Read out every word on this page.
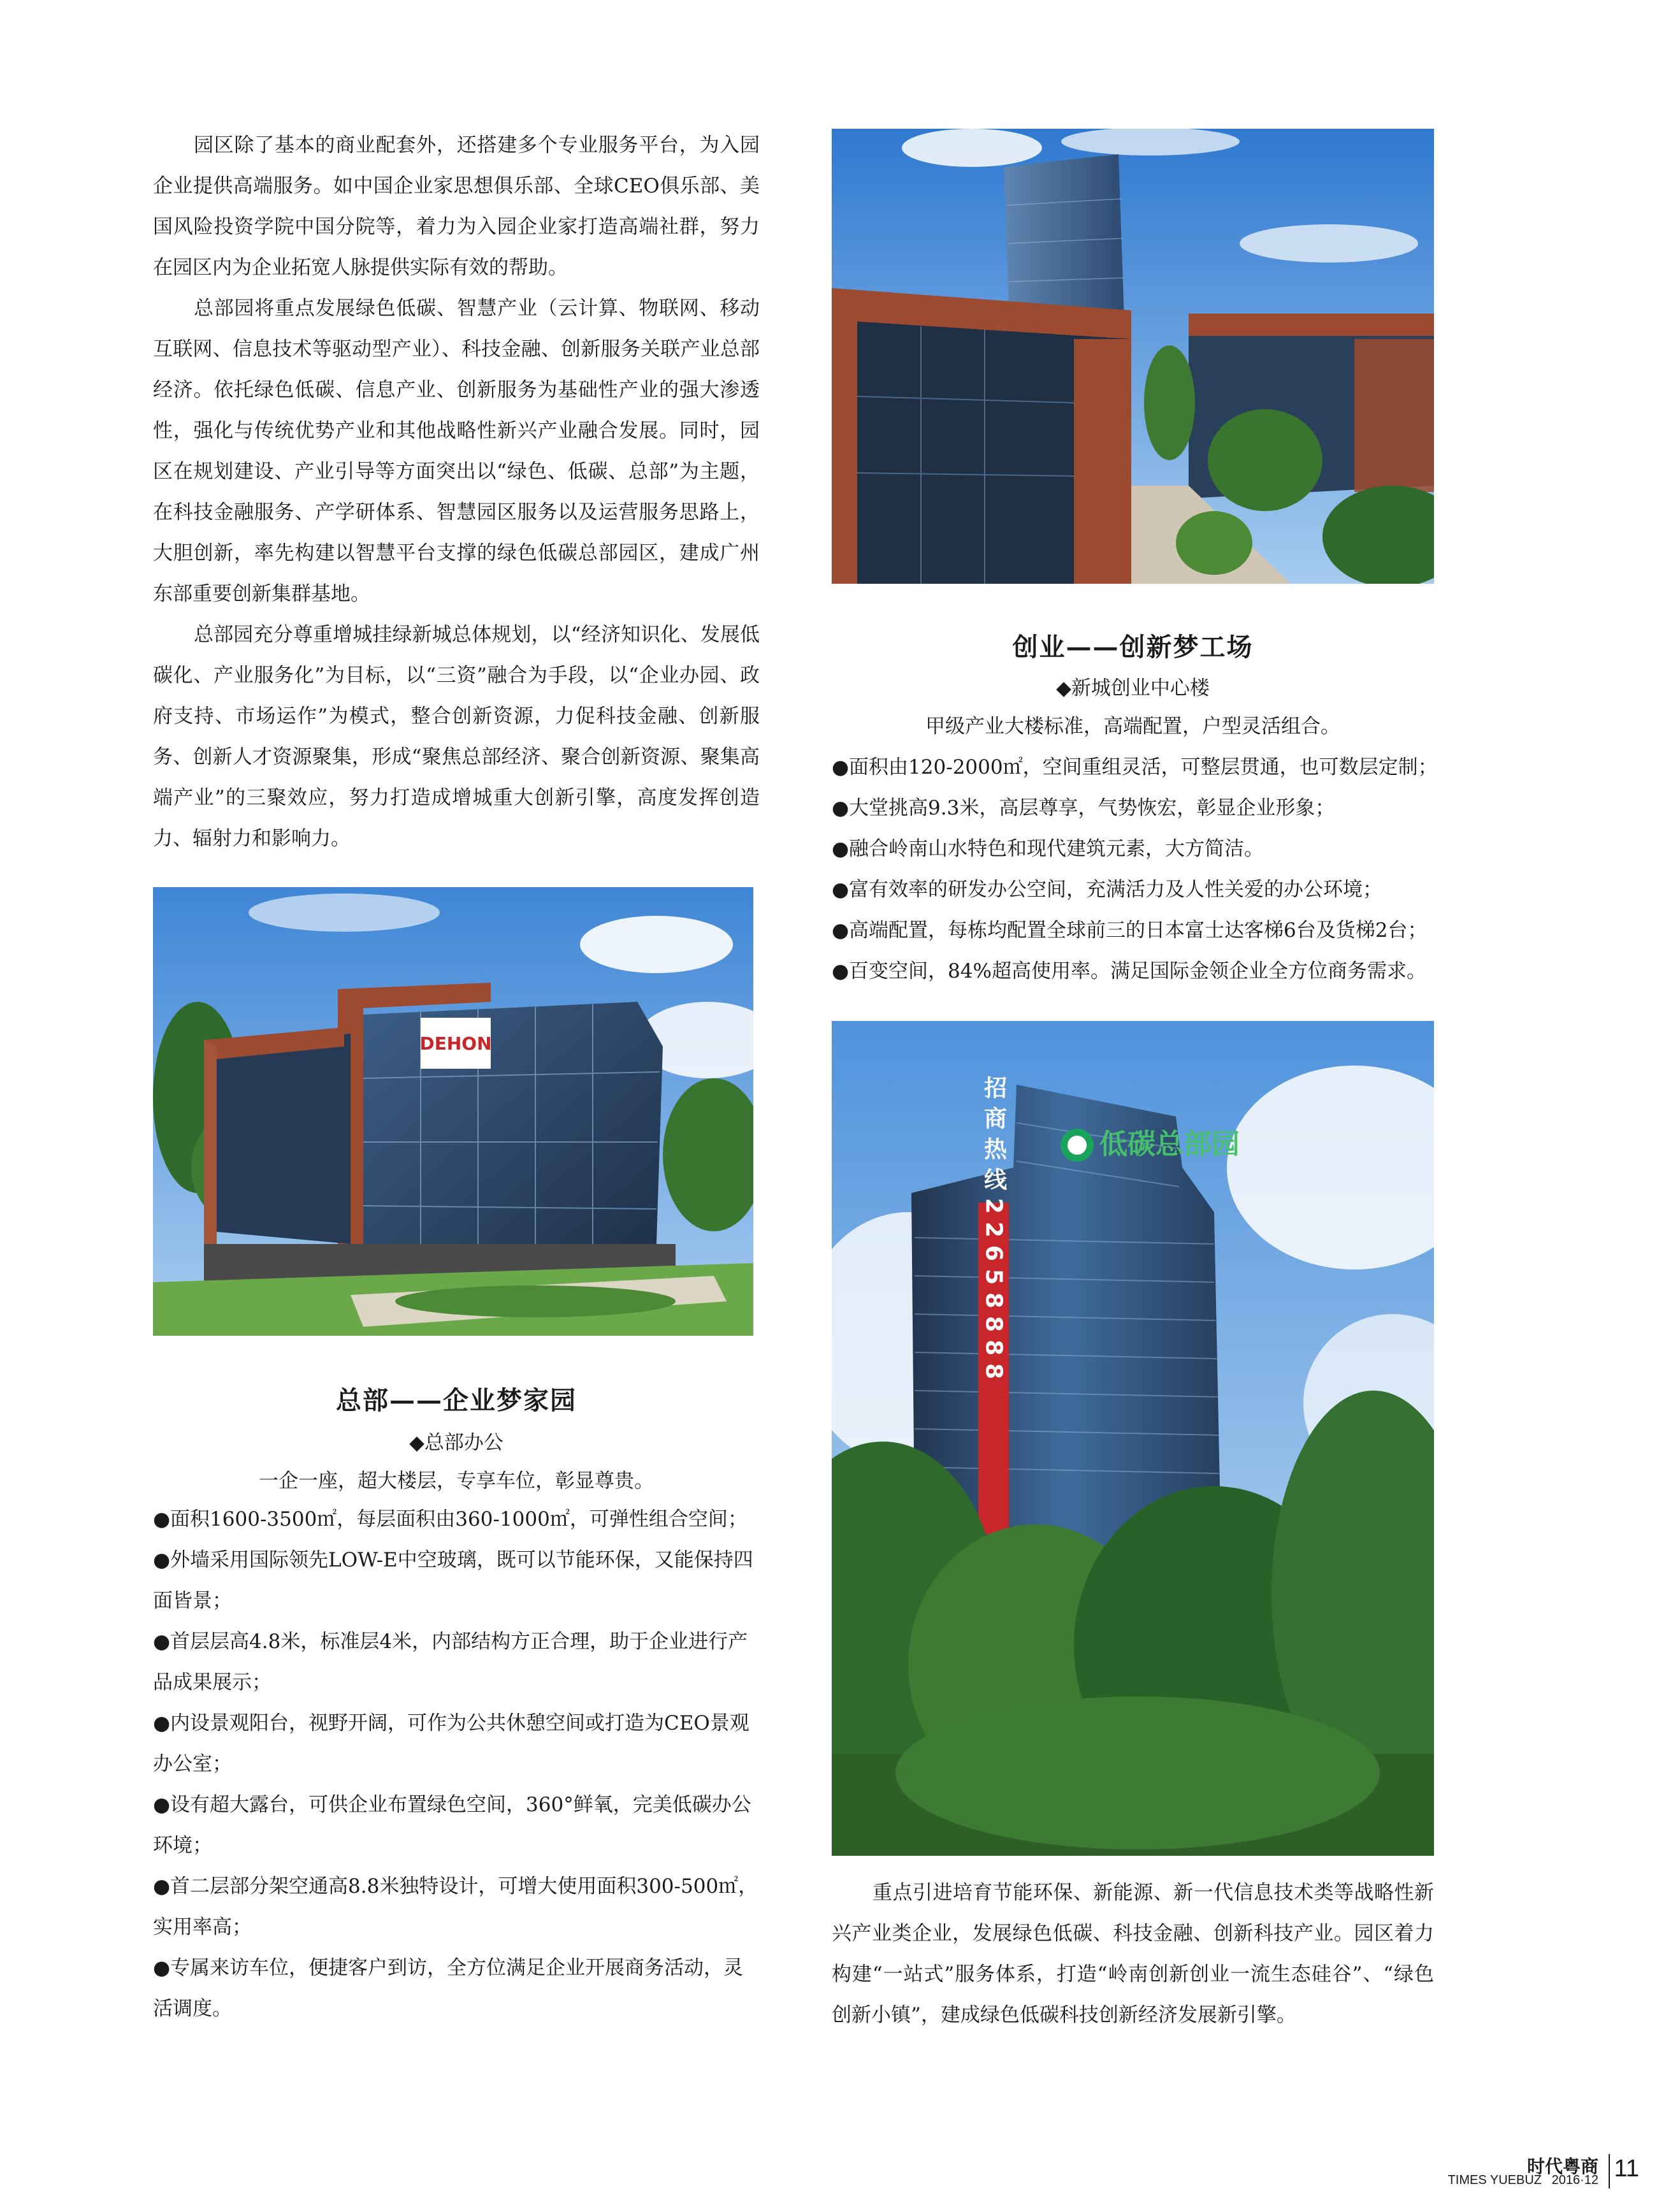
园区除了基本的商业配套外，还搭建多个专业服务平台，为入园企业提供高端服务。如中国企业家思想俱乐部、全球CEO俱乐部、美国风险投资学院中国分院等，着力为入园企业家打造高端社群，努力在园区内为企业拓宽人脉提供实际有效的帮助。

总部园将重点发展绿色低碳、智慧产业（云计算、物联网、移动互联网、信息技术等驱动型产业）、科技金融、创新服务关联产业总部经济。依托绿色低碳、信息产业、创新服务为基础性产业的强大渗透性，强化与传统优势产业和其他战略性新兴产业融合发展。同时，园区在规划建设、产业引导等方面突出以“绿色、低碳、总部”为主题，在科技金融服务、产学研体系、智慧园区服务以及运营服务思路上，大胆创新，率先构建以智慧平台支撑的绿色低碳总部园区，建成广州东部重要创新集群基地。

总部园充分尊重增城挂绿新城总体规划，以“经济知识化、发展低碳化、产业服务化”为目标，以“三资”融合为手段，以“企业办园、政府支持、市场运作”为模式，整合创新资源，力促科技金融、创新服务、创新人才资源聚集，形成“聚焦总部经济、聚合创新资源、聚集高端产业”的三聚效应，努力打造成增城重大创新引擎，高度发挥创造力、辐射力和影响力。

DEHON
总部——企业梦家园
◆总部办公
一企一座，超大楼层，专享车位，彰显尊贵。
●面积1600-3500㎡，每层面积由360-1000㎡，可弹性组合空间；
●外墙采用国际领先LOW-E中空玻璃，既可以节能环保，又能保持四面皆景；
●首层层高4.8米，标准层4米，内部结构方正合理，助于企业进行产品成果展示；
●内设景观阳台，视野开阔，可作为公共休憩空间或打造为CEO景观办公室；
●设有超大露台，可供企业布置绿色空间，360°鲜氧，完美低碳办公环境；
●首二层部分架空通高8.8米独特设计，可增大使用面积300-500㎡，实用率高；
●专属来访车位，便捷客户到访，全方位满足企业开展商务活动，灵活调度。
创业——创新梦工场
◆新城创业中心楼
甲级产业大楼标准，高端配置，户型灵活组合。
●面积由120-2000㎡，空间重组灵活，可整层贯通，也可数层定制；
●大堂挑高9.3米，高层尊享，气势恢宏，彰显企业形象；
●融合岭南山水特色和现代建筑元素，大方简洁。
●富有效率的研发办公空间，充满活力及人性关爱的办公环境；
●高端配置，每栋均配置全球前三的日本富士达客梯6台及货梯2台；
●百变空间，84%超高使用率。满足国际金领企业全方位商务需求。
低碳总部园
招商热线22658888

重点引进培育节能环保、新能源、新一代信息技术类等战略性新兴产业类企业，发展绿色低碳、科技金融、创新科技产业。园区着力构建“一站式”服务体系，打造“岭南创新创业一流生态硅谷”、“绿色创新小镇”，建成绿色低碳科技创新经济发展新引擎。

时代粤商
TIMES YUEBUZ 2016·12 11
